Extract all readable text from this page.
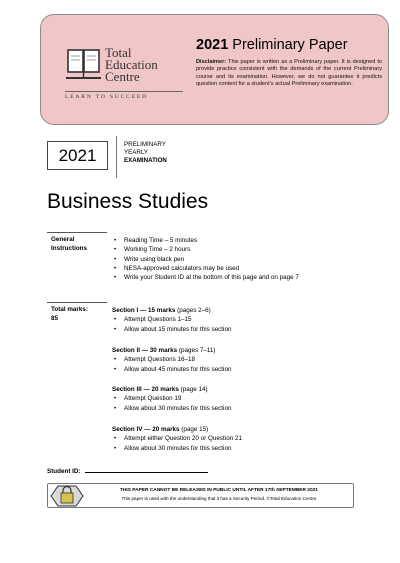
Total
Education
Centre
LEARN TO SUCCEED
2021 Preliminary Paper
Disclaimer: This paper is written as a Preliminary paper. It is designed to provide practice consistent with the demands of the current Preliminary course and its examination. However, we do not guarantee it predicts question content for a student's actual Preliminary examination.
2021
PRELIMINARY
YEARLY
EXAMINATION
Business Studies
General
Instructions
• Reading Time – 5 minutes
• Working Time – 2 hours
• Write using black pen
• NESA-approved calculators may be used
• Write your Student ID at the bottom of this page and on page 7
Total marks:
85
Section I — 15 marks (pages 2–6)
• Attempt Questions 1–15
• Allow about 15 minutes for this section
Section II — 30 marks (pages 7–11)
• Attempt Questions 16–18
• Allow about 45 minutes for this section
Section III — 20 marks (page 14)
• Attempt Question 19
• Allow about 30 minutes for this section
Section IV — 20 marks (page 15)
• Attempt either Question 20 or Question 21
• Allow about 30 minutes for this section
Student ID:
THIS PAPER CANNOT BE RELEASED IN PUBLIC UNTIL AFTER 17th SEPTEMBER 2021
This paper is used with the understanding that it has a Security Period. ©Total Education Centre
